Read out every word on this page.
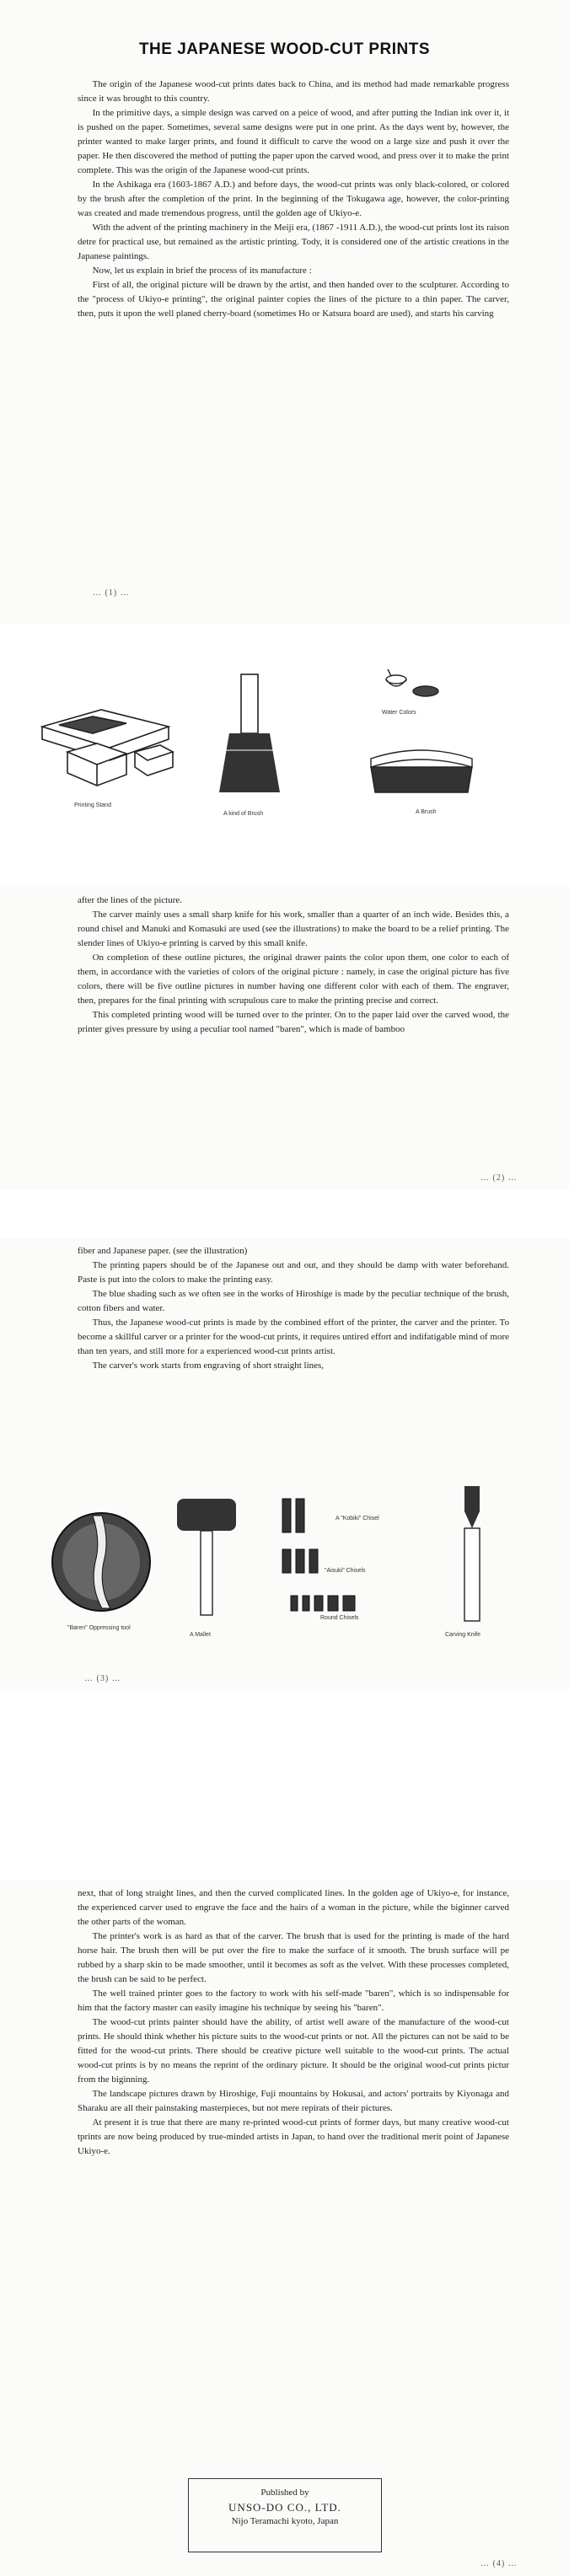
THE JAPANESE WOOD-CUT PRINTS

The origin of the Japanese wood-cut prints dates back to China, and its method had made remarkable progress since it was brought to this country.

In the primitive days, a simple design was carved on a peice of wood, and after putting the Indian ink over it, it is pushed on the paper. Sometimes, several same designs were put in one print. As the days went by, however, the printer wanted to make larger prints, and found it difficult to carve the wood on a large size and push it over the paper. He then discovered the method of putting the paper upon the carved wood, and press over it to make the print complete. This was the origin of the Japanese wood-cut prints.

In the Ashikaga era (1603-1867 A.D.) and before days, the wood-cut prints was only black-colored, or colored by the brush after the completion of the print. In the beginning of the Tokugawa age, however, the color-printing was created and made tremendous progress, until the golden age of Ukiyo-e.

With the advent of the printing machinery in the Meiji era, (1867 -1911 A.D.), the wood-cut prints lost its raison detre for practical use, but remained as the artistic printing. Tody, it is considered one of the artistic creations in the Japanese paintings.

Now, let us explain in brief the process of its manufacture :

First of all, the original picture will be drawn by the artist, and then handed over to the sculpturer. According to the "process of Ukiyo-e printing", the original painter copies the lines of the picture to a thin paper. The carver, then, puts it upon the well planed cherry-board (sometimes Ho or Katsura board are used), and starts his carving

… (1) …
Printing Stand
A kind of Brush
Water Colors
A Brush

after the lines of the picture.

The carver mainly uses a small sharp knife for his work, smaller than a quarter of an inch wide. Besides this, a round chisel and Manuki and Komasuki are used (see the illustrations) to make the board to be a relief printing. The slender lines of Ukiyo-e printing is carved by this small knife.

On completion of these outline pictures, the original drawer paints the color upon them, one color to each of them, in accordance with the varieties of colors of the original picture : namely, in case the original picture has five colors, there will be five outline pictures in number having one different color with each of them. The engraver, then, prepares for the final printing with scrupulous care to make the printing precise and correct.

This completed printing wood will be turned over to the printer. On to the paper laid over the carved wood, the printer gives pressure by using a peculiar tool named "baren", which is made of bamboo

… (2) …

fiber and Japanese paper. (see the illustration)

The printing papers should be of the Japanese out and out, and they should be damp with water beforehand. Paste is put into the colors to make the printing easy.

The blue shading such as we often see in the works of Hiroshige is made by the peculiar technique of the brush, cotton fibers and water.

Thus, the Japanese wood-cut prints is made by the combined effort of the printer, the carver and the printer. To become a skillful carver or a printer for the wood-cut prints, it requires untired effort and indifatigable mind of more than ten years, and still more for a experienced wood-cut prints artist.

The carver's work starts from engraving of short straight lines,

"Baren" Oppressing tool
A Mallet
A "Kobiki" Chisel
"Aisuki" Chisels
Round Chisels
Carving Knife
… (3) …

next, that of long straight lines, and then the curved complicated lines. In the golden age of Ukiyo-e, for instance, the experienced carver used to engrave the face and the hairs of a woman in the picture, while the biginner carved the other parts of the woman.

The printer's work is as hard as that of the carver. The brush that is used for the printing is made of the hard horse hair. The brush then will be put over the fire to make the surface of it smooth. The brush surface will pe rubbed by a sharp skin to be made smoother, until it becomes as soft as the velvet. With these processes completed, the brush can be said to be perfect.

The well trained printer goes to the factory to work with his self-made "baren", which is so indispensable for him that the factory master can easily imagine his technique by seeing his "baren".

The wood-cut prints painter should have the ability, of artist well aware of the manufacture of the wood-cut prints. He should think whether his picture suits to the wood-cut prints or not. All the pictures can not be said to be fitted for the wood-cut prints. There should be creative picture well suitable to the wood-cut prints. The actual wood-cut prints is by no means the reprint of the ordinary picture. It should be the original wood-cut prints pictur from the biginning.

The landscape pictures drawn by Hiroshige, Fuji mountains by Hokusai, and actors' portraits by Kiyonaga and Sharaku are all their painstaking masterpieces, but not mere repirats of their pictures.

At present it is true that there are many re-printed wood-cut prints of former days, but many creative wood-cut tprints are now being produced by true-minded artists in Japan, to hand over the traditional merit point of Japanese Ukiyo-e.

… (4) …
Published by
UNSO-DO CO., LTD.
Nijo Teramachi kyoto, Japan
